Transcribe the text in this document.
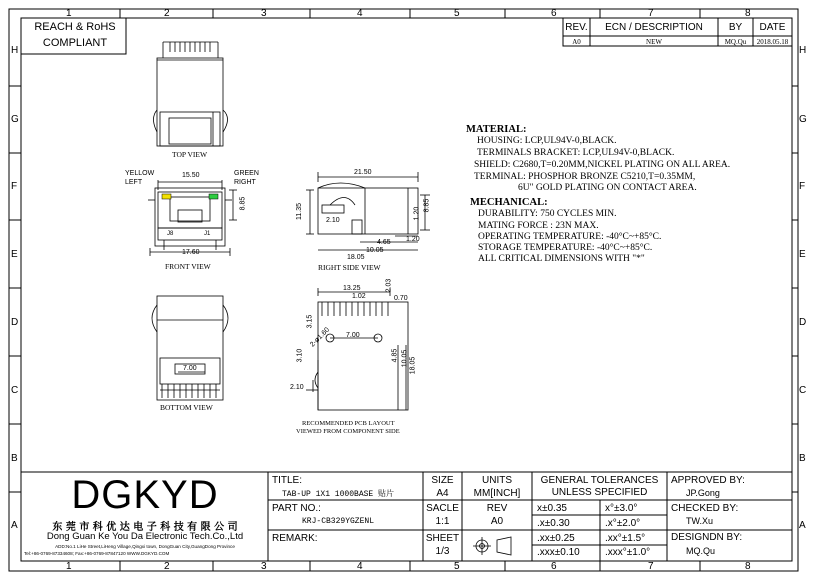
1	2	3	4	5	6	7	8
1	2	3	4	5	6	7	8
H
G
F
E
D
C
B
A
H
G
F
E
D
C
B
A
REACH & RoHS
COMPLIANT
REV.	ECN / DESCRIPTION	BY	DATE
A0	NEW	MQ.Qu	2018.05.18
TOP VIEW
FRONT VIEW	RIGHT SIDE VIEW
BOTTOM VIEW
RECOMMENDED PCB LAYOUT
VIEWED FROM COMPONENT SIDE
YELLOW
LEFT
GREEN
RIGHT
J8	J1
15.50
8.85
17.60
21.50
11.35	1.20
8.85
2.10
4.65 1.20
10.05
18.05
7.00
13.25
1.02
2.03
0.70
3.15
2-ø1.60 7.00
3.10	4.85 10.05 18.05
2.10
MATERIAL:
HOUSING: LCP,UL94V-0,BLACK.
TERMINALS BRACKET: LCP,UL94V-0,BLACK.
SHIELD: C2680,T=0.20MM,NICKEL PLATING ON ALL AREA.
TERMINAL: PHOSPHOR BRONZE C5210,T=0.35MM,
6U" GOLD PLATING ON CONTACT AREA.
MECHANICAL:
DURABILITY: 750 CYCLES MIN.
MATING FORCE : 23N MAX.
OPERATING TEMPERATURE: -40°C~+85°C.
STORAGE TEMPERATURE: -40°C~+85°C.
ALL CRITICAL DIMENSIONS WITH "*"
DGKYD
东 莞 市 科 优 达 电 子 科 技 有 限 公 司
Dong Guan Ke You Da Electronic Tech.Co.,Ltd
ADD:No.1 LiHe Street,LiHeng Village,Qingxi town, DongGuan City,GuangDong Province
Tel:+86-0769-87334608; Fax:+86-0769-87847120 WWW.DGKYD.COM
TITLE:
TAB-UP 1X1 1000BASE 贴片
PART NO.:
KRJ-CB329YGZENL
REMARK:
SIZE
A4
UNITS
MM[INCH]
SACLE
1:1
REV
A0
SHEET
1/3
GENERAL TOLERANCES
UNLESS SPECIFIED
x±0.35	x°±3.0°
.x±0.30	.x°±2.0°
.xx±0.25	.xx°±1.5°
.xxx±0.10	.xxx°±1.0°
APPROVED BY:
JP.Gong
CHECKED BY:
TW.Xu
DESIGNDN BY:
MQ.Qu
